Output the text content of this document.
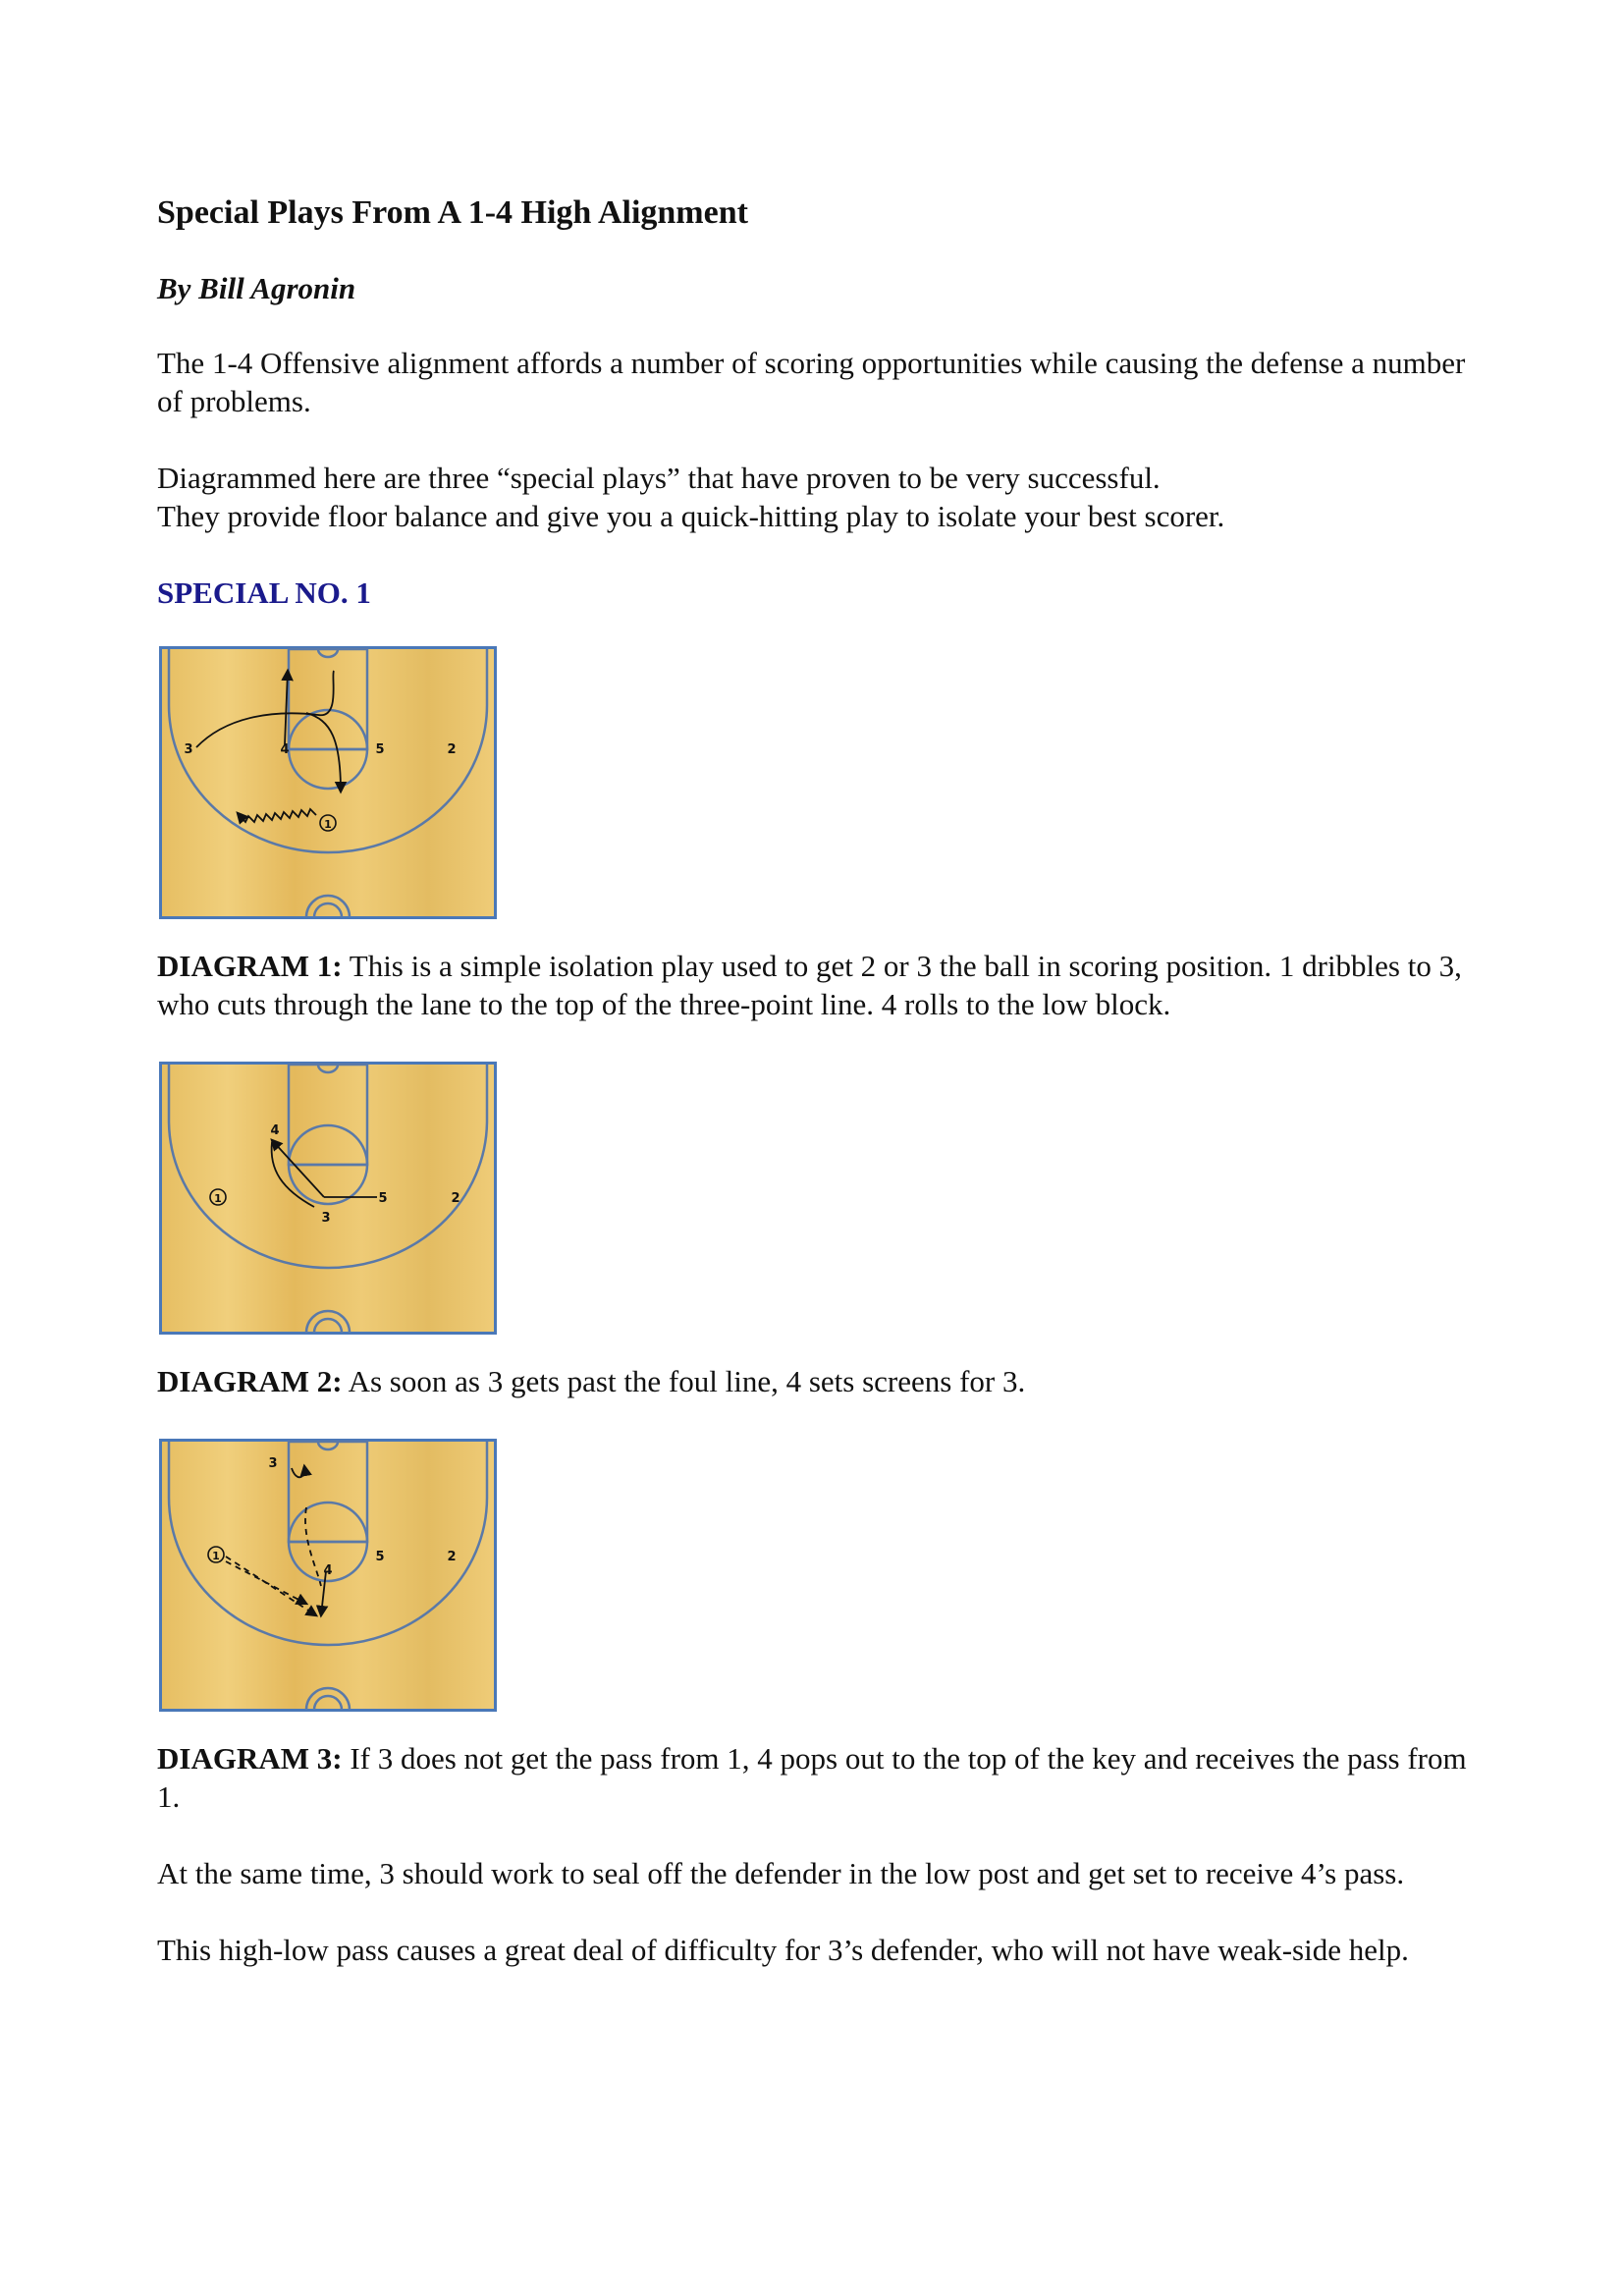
Special Plays From A 1-4 High Alignment
By Bill Agronin

The 1-4 Offensive alignment affords a number of scoring opportunities while causing the defense a number of problems.

Diagrammed here are three “special plays” that have proven to be very successful.
They provide floor balance and give you a quick-hitting play to isolate your best scorer.

SPECIAL NO. 1
3	4	5	2
1

DIAGRAM 1: This is a simple isolation play used to get 2 or 3 the ball in scoring position. 1 dribbles to 3, who cuts through the lane to the top of the three-point line. 4 rolls to the low block.

1
4
3
5	2

DIAGRAM 2: As soon as 3 gets past the foul line, 4 sets screens for 3.

1
3
4
5	2

DIAGRAM 3: If 3 does not get the pass from 1, 4 pops out to the top of the key and receives the pass from 1.

At the same time, 3 should work to seal off the defender in the low post and get set to receive 4’s pass.

This high-low pass causes a great deal of difficulty for 3’s defender, who will not have weak-side help.
